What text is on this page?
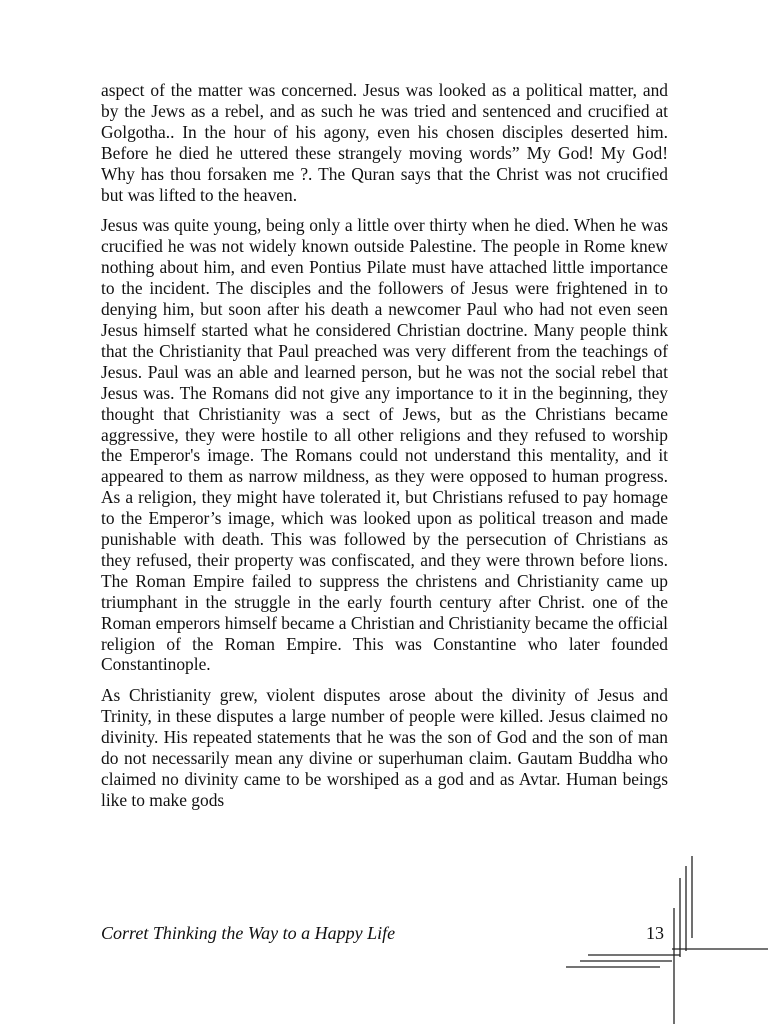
aspect of the matter was concerned. Jesus was looked as a political matter, and by the Jews as a rebel, and as such he was tried and sentenced and crucified at Golgotha.. In the hour of his agony, even his chosen disciples deserted him. Before he died he uttered these strangely moving words” My God! My God! Why has thou forsaken me ?. The Quran says that the Christ was not crucified but was lifted to the heaven.

Jesus was quite young, being only a little over thirty when he died. When he was crucified he was not widely known outside Palestine. The people in Rome knew nothing about him, and even Pontius Pilate must have attached little importance to the incident. The disciples and the followers of Jesus were frightened in to denying him, but soon after his death a newcomer Paul who had not even seen Jesus himself started what he considered Christian doctrine. Many people think that the Christianity that Paul preached was very different from the teachings of Jesus. Paul was an able and learned person, but he was not the social rebel that Jesus was. The Romans did not give any importance to it in the beginning, they thought that Christianity was a sect of Jews, but as the Christians became aggressive, they were hostile to all other religions and they refused to worship the Emperor's image. The Romans could not understand this mentality, and it appeared to them as narrow mildness, as they were opposed to human progress. As a religion, they might have tolerated it, but Christians refused to pay homage to the Emperor’s image, which was looked upon as political treason and made punishable with death. This was followed by the persecution of Christians as they refused, their property was confiscated, and they were thrown before lions. The Roman Empire failed to suppress the christens and Christianity came up triumphant in the struggle in the early fourth century after Christ. one of the Roman emperors himself became a Christian and Christianity became the official religion of the Roman Empire. This was Constantine who later founded Constantinople.

As Christianity grew, violent disputes arose about the divinity of Jesus and Trinity, in these disputes a large number of people were killed. Jesus claimed no divinity. His repeated statements that he was the son of God and the son of man do not necessarily mean any divine or superhuman claim. Gautam Buddha who claimed no divinity came to be worshiped as a god and as Avtar. Human beings like to make gods

Corret Thinking the Way to a Happy Life	13
